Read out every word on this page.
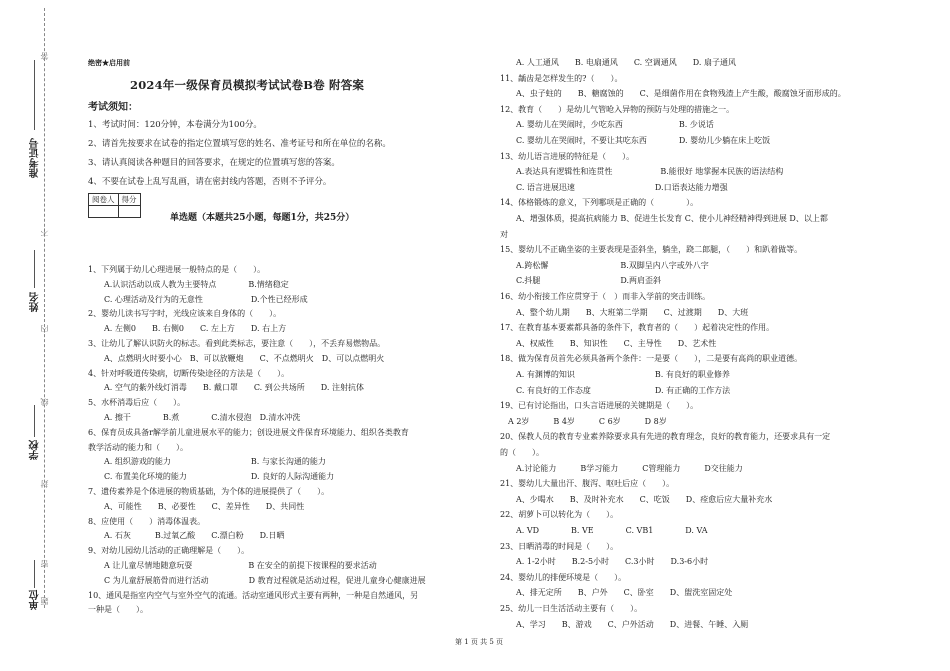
答
准考证号
不
姓名
内
线
学校
封
密
单位 题
绝密★启用前
2024年一级保育员模拟考试试卷B卷 附答案
考试须知：
1、考试时间：120分钟，本卷满分为100分。
2、请首先按要求在试卷的指定位置填写您的姓名、准考证号和所在单位的名称。
3、请认真阅读各种题目的回答要求，在规定的位置填写您的答案。
4、不要在试卷上乱写乱画，请在密封线内答题，否则不予评分。
阅卷人	得分

单选题（本题共25小题，每题1分，共25分）
1、下列属于幼儿心理进展一般特点的是（　　）。
　　A.认识活动以成人教为主要特点　　　　B.情绪稳定
　　C. 心理活动及行为的无意性　　　　　　D.个性已经形成
2、婴幼儿读书写字时，光线应该来自身体的（　　）。
　　A. 左侧0　　B. 右侧0　　C. 左上方　　D. 右上方
3、让幼儿了解认识防火的标志。看到此类标志，要注意（　　），不丢弃易燃物品。
　　A、点燃明火时要小心　B、可以放鞭炮　　C、不点燃明火　D、可以点燃明火
4、针对呼吸道传染病，切断传染途径的方法是（　　）。
　　A. 空气的紫外线灯消毒　　B. 戴口罩　　C. 到公共场所　　D. 注射抗体
5、水杯消毒后应（　　）。
　　A. 擦干　　　　B.煮　　　　C.清水侵泡　D.清水冲洗
6、保育员成具备r解学前儿童进展水平的能力；创设进展文件保育环境能力、组织各类教育
教学活动的能力和（　　）。
　　A. 组织游戏的能力　　　　　　　　　　B. 与家长沟通的能力
　　C. 布置美化环境的能力　　　　　　　　D. 良好的人际沟通能力
7、遗传素养是个体进展的物质基础，为个体的进展提供了（　　）。
　　A、可能性　　B、必要性　　C、差异性　　D、共同性
8、应使用（　　）消毒体温表。
　　A. 石灰　　　B.过氧乙酸　　C.漂白粉　　D.日晒
9、对幼儿园幼儿活动的正确理解是（　　）。
　　A 让儿童尽情地随意玩耍　　　　　　　B 在安全的前提下按课程的要求活动
　　C 为儿童舒展筋骨而进行活动　　　　　D 教育过程就是活动过程，促进儿童身心健康进展
10、通风是指室内空气与室外空气的流通。活动室通风形式主要有两种，一种是自然通风，另
一种是（　　）。
　　A. 人工通风　　B. 电扇通风　　C. 空调通风　　D. 扇子通风
11、龋齿是怎样发生的?（　　）。
　　A、虫子蛀的　　B、糖腐蚀的　　C、是细菌作用在食物残渣上产生酸，酸腐蚀牙面形成的。
12、教育（　　）是幼儿气管呛入异物的预防与处理的措施之一。
　　A. 婴幼儿在哭闹时，少吃东西　　　　　　　B. 少说话
　　C. 婴幼儿在哭闹时，不要让其吃东西　　　　D. 婴幼儿少躺在床上吃饭
13、幼儿语言进展的特征是（　　）。
　　A.表达具有逻辑性和连贯性　　　　　　B.能很好 地掌握本民族的语法结构
　　C. 语言进展迅速　　　　　　　　　　D.口语表达能力增强
14、体格锻炼的意义，下列哪项是正确的（　　　　）。
　　A、增强体质，提高抗病能力 B、促进生长发育 C、使小儿神经精神得到进展 D、以上都
对
15、婴幼儿不正确坐姿的主要表现是歪斜坐，躺坐，跷二郎腿，（　　）和趴着做等。
　　A.跨松懈　　　　　　　　　B.双脚呈内八字或外八字
　　C.抖腿　　　　　　　　　　D.两肩歪斜
16、幼小衔接工作应贯穿于（　）而非入学前的突击训练。
　　A、整个幼儿期　　B、大班第二学期　　C、过渡期　　D、大班
17、在教育基本要素都具备的条件下，教育者的（　　）起着决定性的作用。
　　A、权威性　　B、知识性　　C、主导性　　D、艺术性
18、做为保育员首先必须具备两个条件：一是要（　　），二是要有高尚的职业道德。
　　A. 有渊博的知识　　　　　　　　　　B. 有良好的职业修养
　　C. 有良好的工作态度　　　　　　　　D. 有正确的工作方法
19、已有讨论指出，口头言语进展的关键期是（　　）。
　A 2岁　　　B 4岁　　　C 6岁　　　D 8岁
20、保教人员的教育专业素养除要求具有先进的教育理念，良好的教育能力，还要求具有一定
的（　　）。
　　A.讨论能力　　　B学习能力　　　C管理能力　　　D交往能力
21、婴幼儿大量出汗、腹泻、呕吐后应（　　）。
　　A、少喝水　　B、及时补充水　　C、吃饭　　D、痊愈后应大量补充水
22、胡萝卜可以转化为（　　）。
　　A. VD　　　　B. VE　　　　C. VB1　　　　D. VA
23、日晒消毒的时间是（　　）。
　　A. 1-2小时　　B.2-5小时　　C.3小时　　D.3-6小时
24、婴幼儿的排便环境是（　　）。
　　A、排无定所　　B、户外　　C、卧室　　D、盥洗室固定处
25、幼儿一日生活活动主要有（　　）。
　　A、学习　　B、游戏　　C、户外活动　　D、进餐、午睡、入厕
第 1 页 共 5 页
